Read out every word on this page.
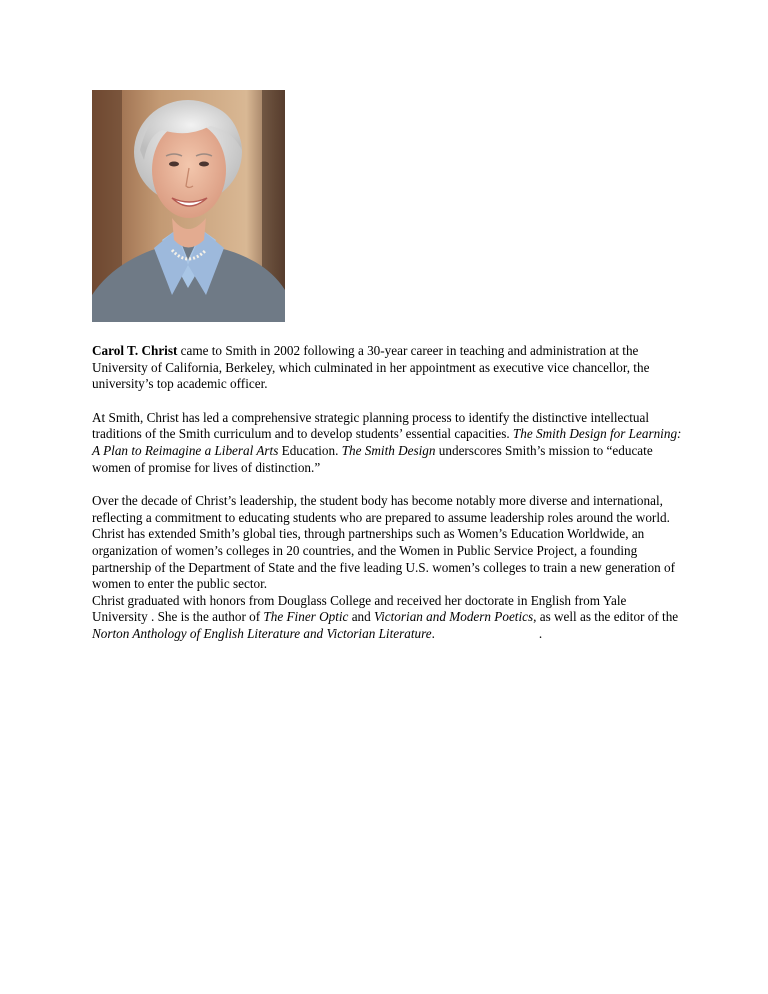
Carol T. Christ came to Smith in 2002 following a 30-year career in teaching and administration at the University of California, Berkeley, which culminated in her appointment as executive vice chancellor, the university’s top academic officer.

At Smith, Christ has led a comprehensive strategic planning process to identify the distinctive intellectual traditions of the Smith curriculum and to develop students’ essential capacities. The Smith Design for Learning: A Plan to Reimagine a Liberal Arts Education. The Smith Design underscores Smith’s mission to “educate women of promise for lives of distinction.”

Over the decade of Christ’s leadership, the student body has become notably more diverse and international, reflecting a commitment to educating students who are prepared to assume leadership roles around the world. Christ has extended Smith’s global ties, through partnerships such as Women’s Education Worldwide, an organization of women’s colleges in 20 countries, and the Women in Public Service Project, a founding partnership of the Department of State and the five leading U.S. women’s colleges to train a new generation of women to enter the public sector.

Christ graduated with honors from Douglass College and received her doctorate in English from Yale University . She is the author of The Finer Optic and Victorian and Modern Poetics, as well as the editor of the Norton Anthology of English Literature and Victorian Literature.	.
